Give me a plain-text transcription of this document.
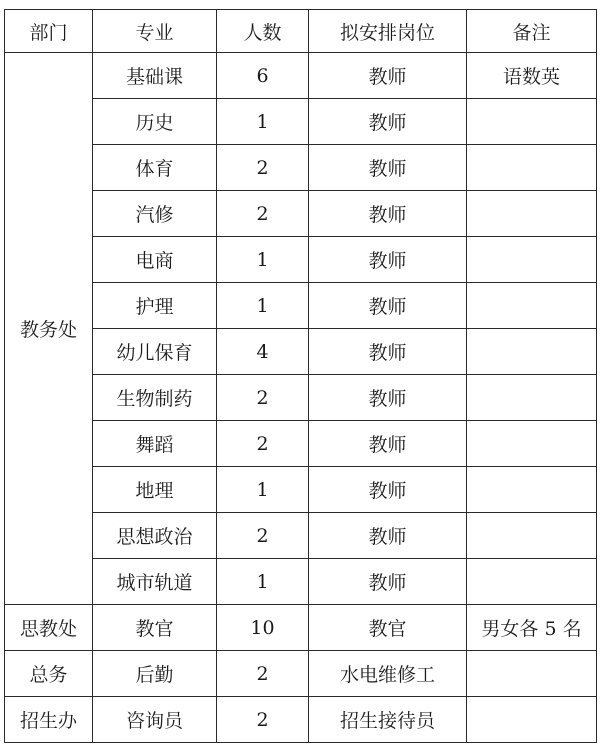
部门	专业	人数	拟安排岗位	备注
教务处	基础课	6	教师	语数英
	历史	1	教师	
	体育	2	教师	
	汽修	2	教师	
	电商	1	教师	
	护理	1	教师	
	幼儿保育	4	教师	
	生物制药	2	教师	
	舞蹈	2	教师	
	地理	1	教师	
	思想政治	2	教师	
	城市轨道	1	教师	
思教处	教官	10	教官	男女各 5 名
总务	后勤	2	水电维修工	
招生办	咨询员	2	招生接待员	
